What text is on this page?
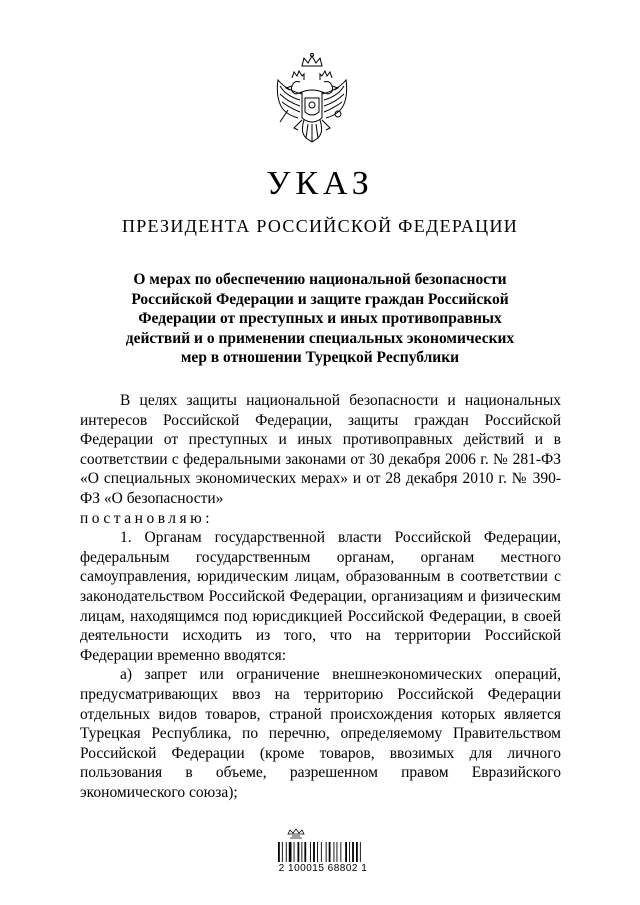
УКАЗ
ПРЕЗИДЕНТА РОССИЙСКОЙ ФЕДЕРАЦИИ
О мерах по обеспечению национальной безопасности
Российской Федерации и защите граждан Российской
Федерации от преступных и иных противоправных
действий и о применении специальных экономических
мер в отношении Турецкой Республики

В целях защиты национальной безопасности и национальных интересов Российской Федерации, защиты граждан Российской Федерации от преступных и иных противоправных действий и в соответствии с федеральными законами от 30 декабря 2006 г. № 281-ФЗ «О специальных экономических мерах» и от 28 декабря 2010 г. № 390-ФЗ «О безопасности»

постановляю:

1. Органам государственной власти Российской Федерации, федеральным государственным органам, органам местного самоуправления, юридическим лицам, образованным в соответствии с законодательством Российской Федерации, организациям и физическим лицам, находящимся под юрисдикцией Российской Федерации, в своей деятельности исходить из того, что на территории Российской Федерации временно вводятся:

а) запрет или ограничение внешнеэкономических операций, предусматривающих ввоз на территорию Российской Федерации отдельных видов товаров, страной происхождения которых является Турецкая Республика, по перечню, определяемому Правительством Российской Федерации (кроме товаров, ввозимых для личного пользования в объеме, разрешенном правом Евразийского экономического союза);

2 100015 68802 1
